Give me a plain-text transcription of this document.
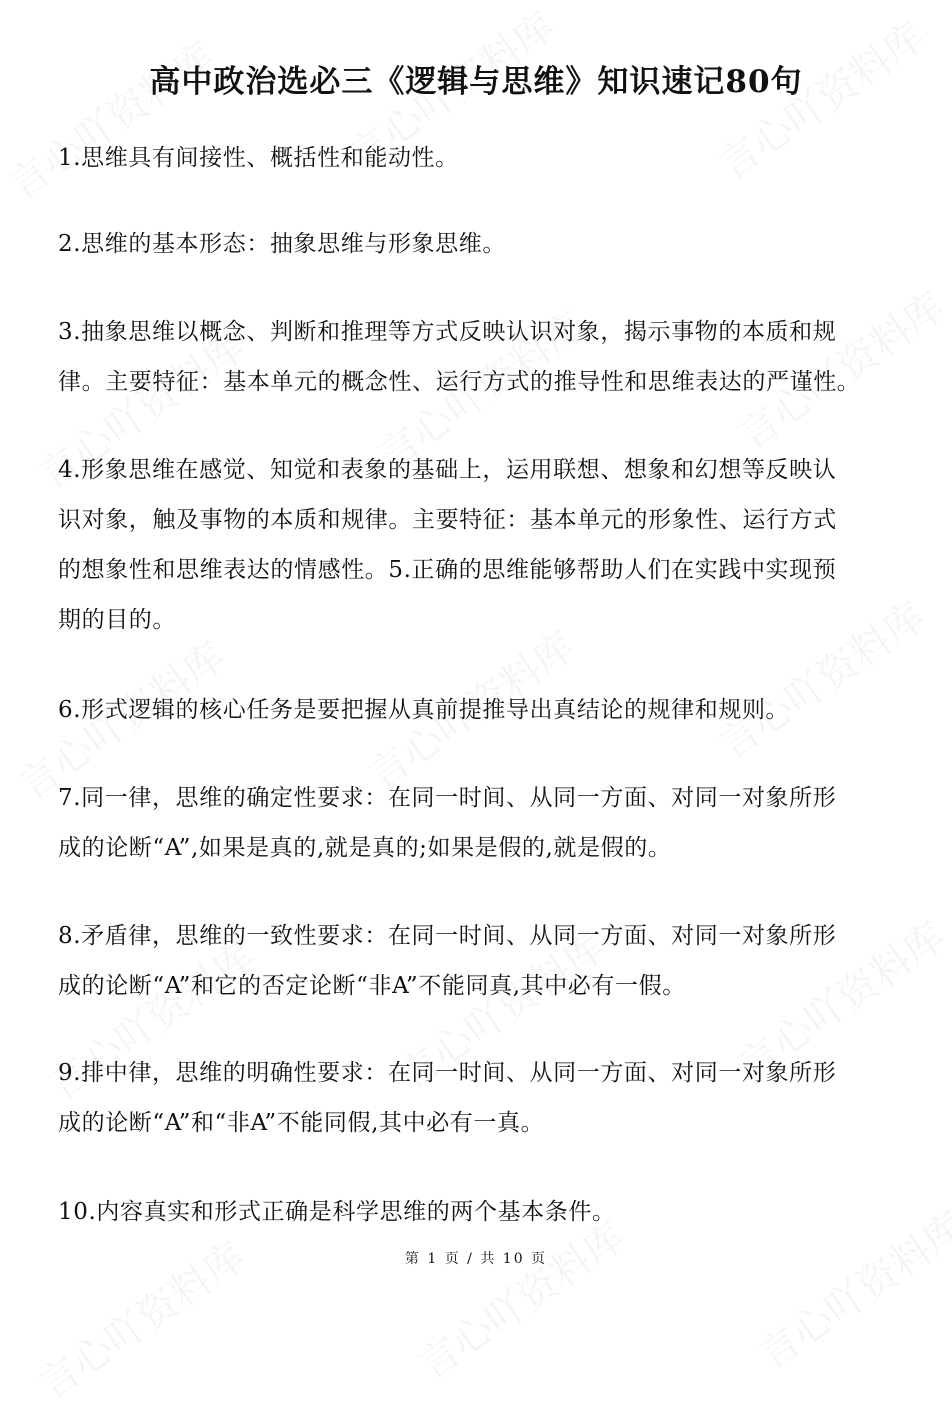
高中政治选必三《逻辑与思维》知识速记80句
1.思维具有间接性、概括性和能动性。
2.思维的基本形态：抽象思维与形象思维。
3.抽象思维以概念、判断和推理等方式反映认识对象，揭示事物的本质和规
律。主要特征：基本单元的概念性、运行方式的推导性和思维表达的严谨性。
4.形象思维在感觉、知觉和表象的基础上，运用联想、想象和幻想等反映认
识对象，触及事物的本质和规律。主要特征：基本单元的形象性、运行方式
的想象性和思维表达的情感性。5.正确的思维能够帮助人们在实践中实现预
期的目的。
6.形式逻辑的核心任务是要把握从真前提推导出真结论的规律和规则。
7.同一律，思维的确定性要求：在同一时间、从同一方面、对同一对象所形
成的论断“A”,如果是真的,就是真的;如果是假的,就是假的。
8.矛盾律，思维的一致性要求：在同一时间、从同一方面、对同一对象所形
成的论断“A”和它的否定论断“非A”不能同真,其中必有一假。
9.排中律，思维的明确性要求：在同一时间、从同一方面、对同一对象所形
成的论断“A”和“非A”不能同假,其中必有一真。
10.内容真实和形式正确是科学思维的两个基本条件。
第 1 页 / 共 10 页
